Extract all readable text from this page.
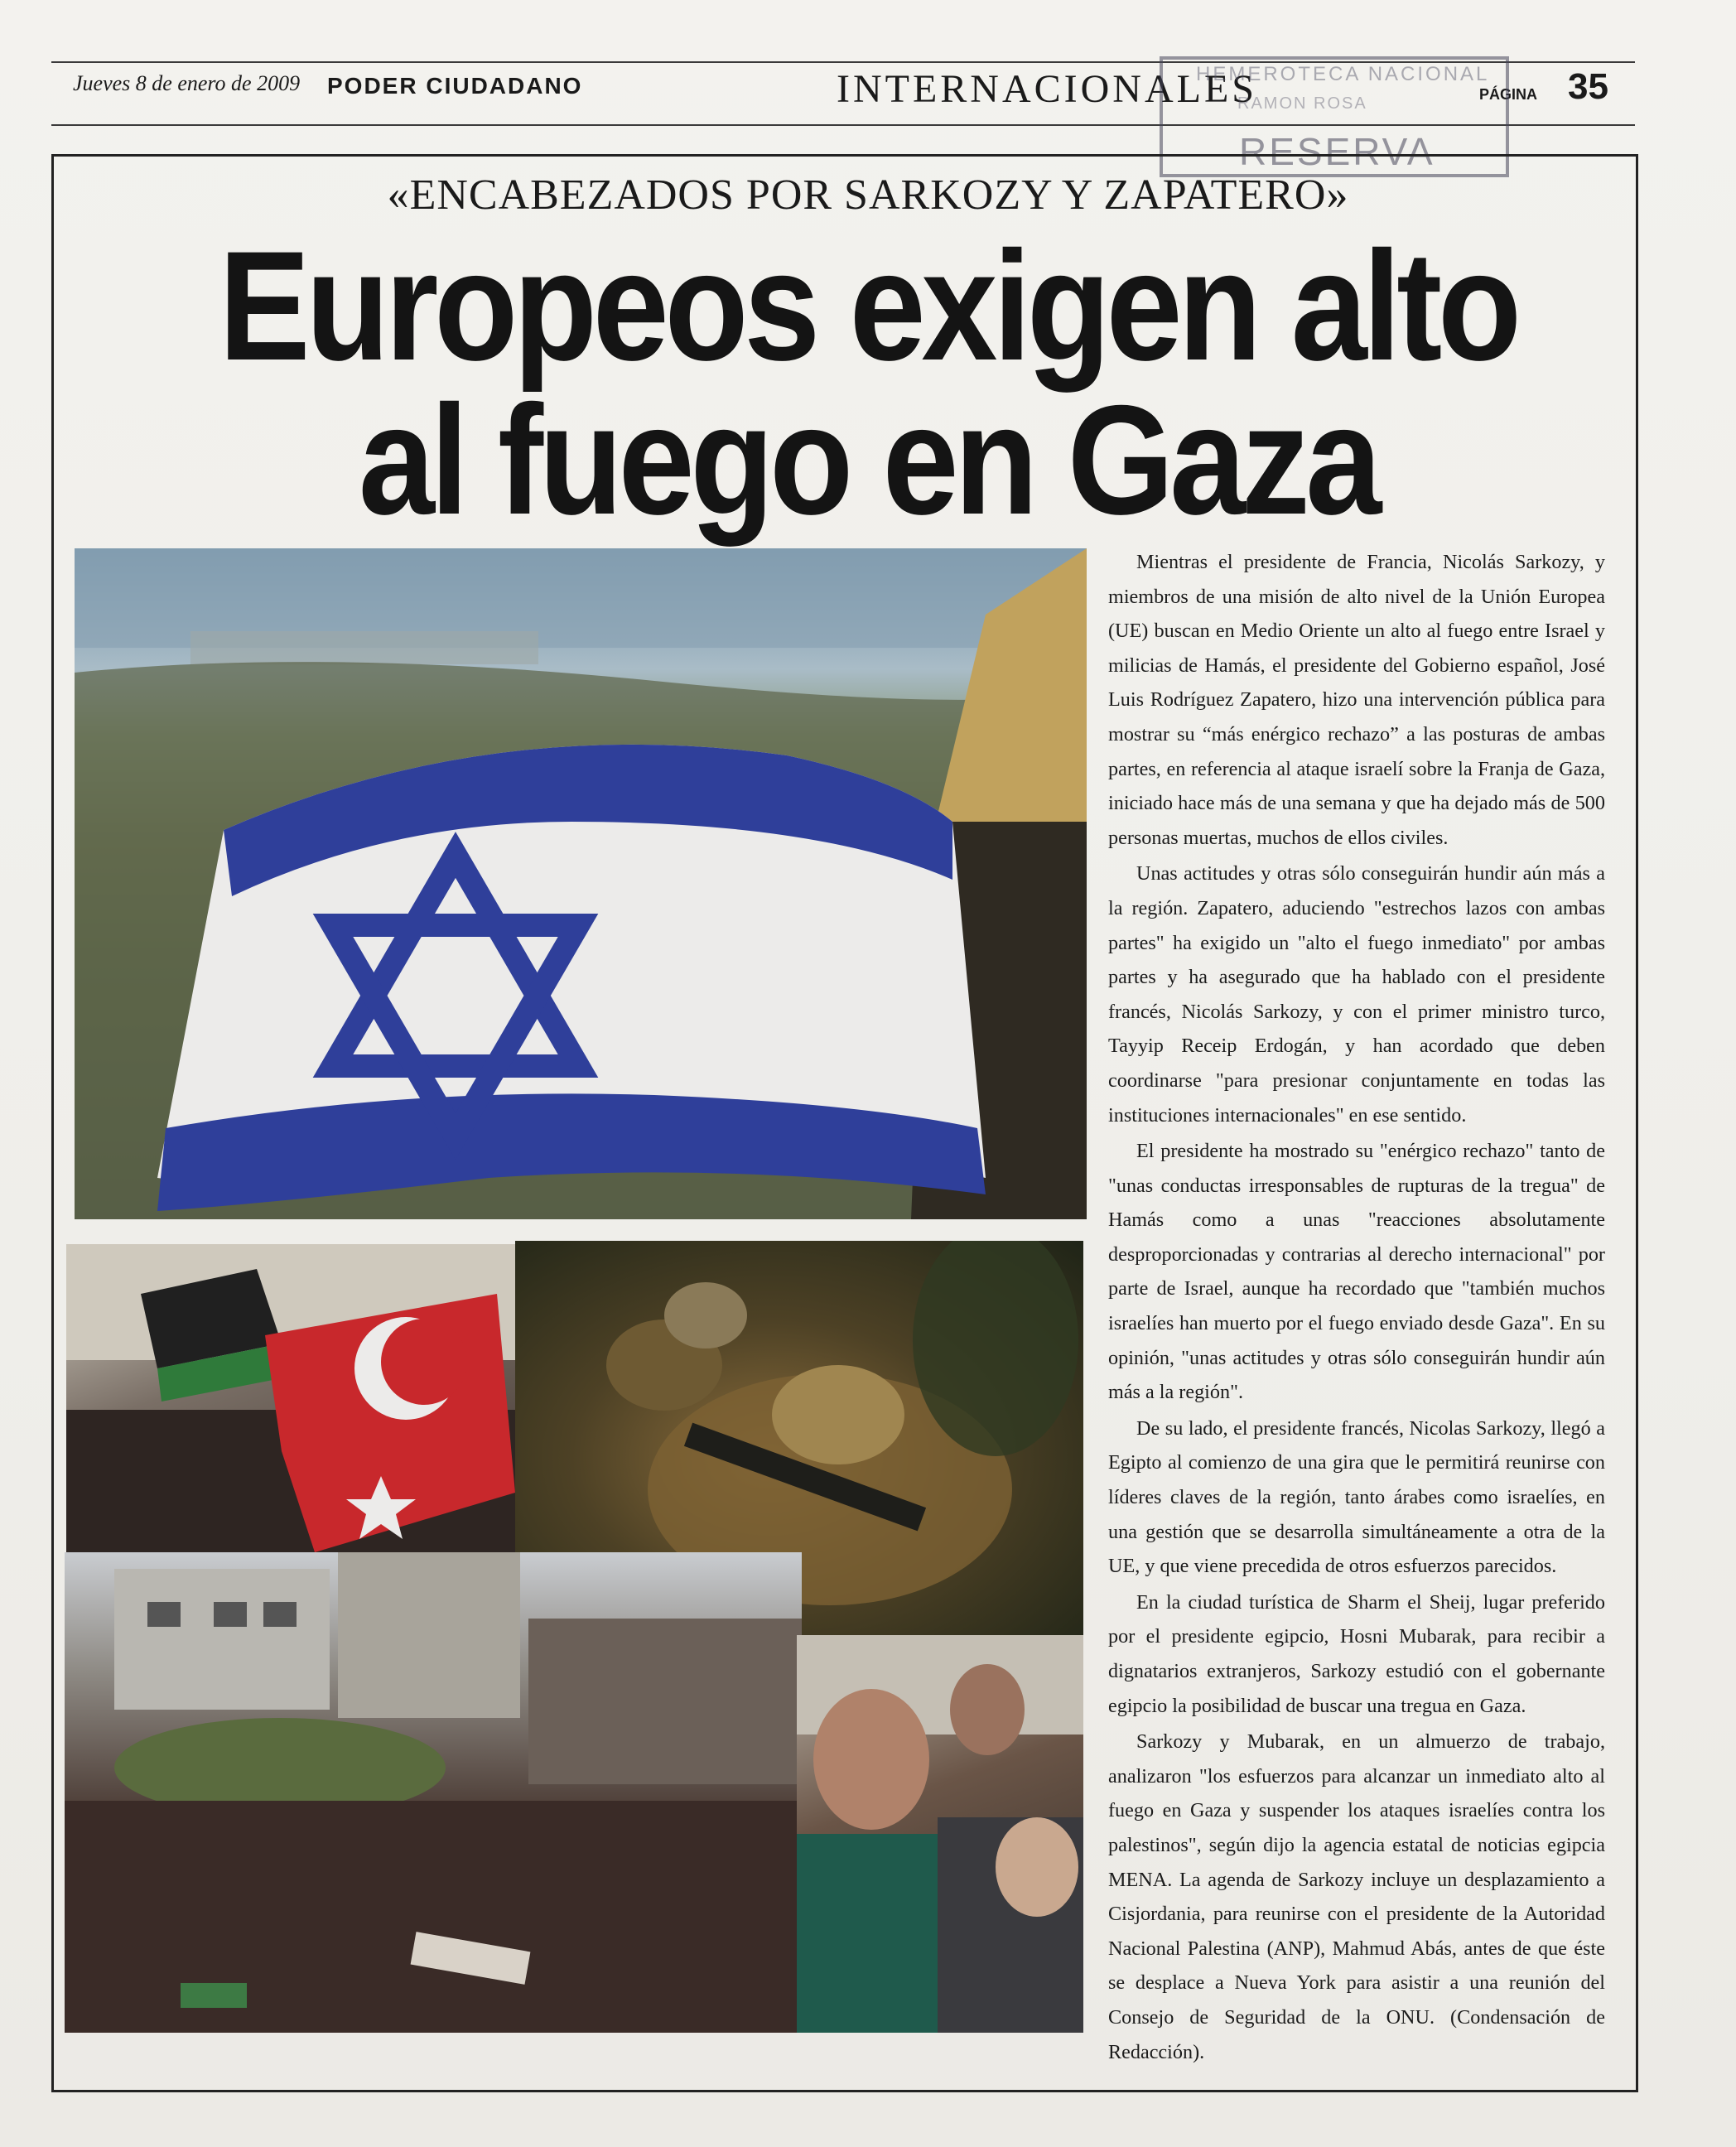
Jueves 8 de enero de 2009 PODER CIUDADANO	INTERNACIONALES	PÁGINA 35
HEMEROTECA NACIONAL
RAMON ROSA
RESERVA
«ENCABEZADOS POR SARKOZY Y ZAPATERO»
Europeos exigen alto
al fuego en Gaza

Mientras el presidente de Francia, Nicolás Sarkozy, y miembros de una misión de alto nivel de la Unión Europea (UE) buscan en Medio Oriente un alto al fuego entre Israel y milicias de Hamás, el presidente del Gobierno español, José Luis Rodríguez Zapatero, hizo una intervención pública para mostrar su “más enérgico rechazo” a las posturas de ambas partes, en referencia al ataque israelí sobre la Franja de Gaza, iniciado hace más de una semana y que ha dejado más de 500 personas muertas, muchos de ellos civiles.

Unas actitudes y otras sólo conseguirán hundir aún más a la región. Zapatero, aduciendo "estrechos lazos con ambas partes" ha exigido un "alto el fuego inmediato" por ambas partes y ha asegurado que ha hablado con el presidente francés, Nicolás Sarkozy, y con el primer ministro turco, Tayyip Receip Erdogán, y han acordado que deben coordinarse "para presionar conjuntamente en todas las instituciones internacionales" en ese sentido.

El presidente ha mostrado su "enérgico rechazo" tanto de "unas conductas irresponsables de rupturas de la tregua" de Hamás como a unas "reacciones absolutamente desproporcionadas y contrarias al derecho internacional" por parte de Israel, aunque ha recordado que "también muchos israelíes han muerto por el fuego enviado desde Gaza". En su opinión, "unas actitudes y otras sólo conseguirán hundir aún más a la región".

De su lado, el presidente francés, Nicolas Sarkozy, llegó a Egipto al comienzo de una gira que le permitirá reunirse con líderes claves de la región, tanto árabes como israelíes, en una gestión que se desarrolla simultáneamente a otra de la UE, y que viene precedida de otros esfuerzos parecidos.

En la ciudad turística de Sharm el Sheij, lugar preferido por el presidente egipcio, Hosni Mubarak, para recibir a dignatarios extranjeros, Sarkozy estudió con el gobernante egipcio la posibilidad de buscar una tregua en Gaza.

Sarkozy y Mubarak, en un almuerzo de trabajo, analizaron "los esfuerzos para alcanzar un inmediato alto al fuego en Gaza y suspender los ataques israelíes contra los palestinos", según dijo la agencia estatal de noticias egipcia MENA. La agenda de Sarkozy incluye un desplazamiento a Cisjordania, para reunirse con el presidente de la Autoridad Nacional Palestina (ANP), Mahmud Abás, antes de que éste se desplace a Nueva York para asistir a una reunión del Consejo de Seguridad de la ONU. (Condensación de Redacción).
